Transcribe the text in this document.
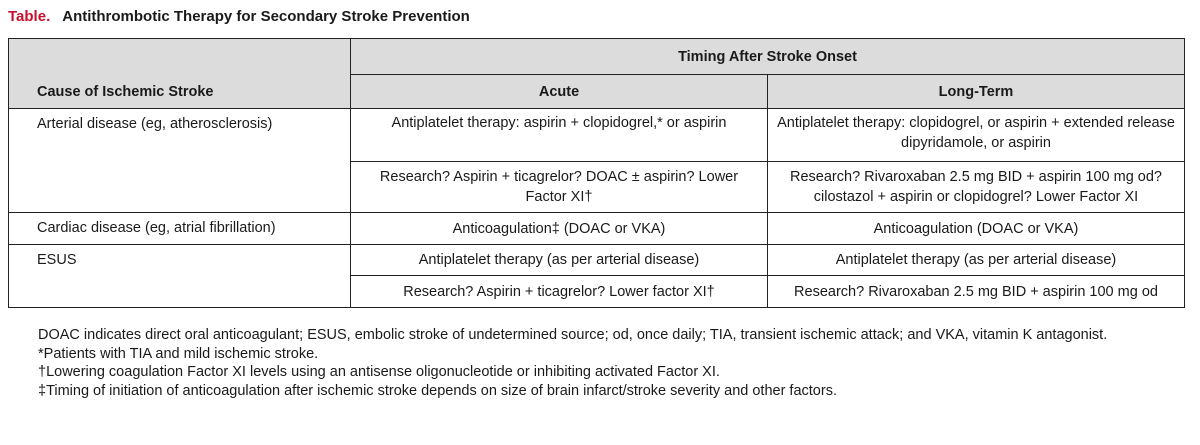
Table. Antithrombotic Therapy for Secondary Stroke Prevention
Cause of Ischemic Stroke	Timing After Stroke Onset	
	Acute	Long-Term
Arterial disease (eg, atherosclerosis)	Antiplatelet therapy: aspirin + clopidogrel,* or aspirin	Antiplatelet therapy: clopidogrel, or aspirin + extended release dipyridamole, or aspirin
	Research? Aspirin + ticagrelor? DOAC ± aspirin? Lower Factor XI†	Research? Rivaroxaban 2.5 mg BID + aspirin 100 mg od? cilostazol + aspirin or clopidogrel? Lower Factor XI
Cardiac disease (eg, atrial fibrillation)	Anticoagulation‡ (DOAC or VKA)	Anticoagulation (DOAC or VKA)
ESUS	Antiplatelet therapy (as per arterial disease)	Antiplatelet therapy (as per arterial disease)
	Research? Aspirin + ticagrelor? Lower factor XI†	Research? Rivaroxaban 2.5 mg BID + aspirin 100 mg od

DOAC indicates direct oral anticoagulant; ESUS, embolic stroke of undetermined source; od, once daily; TIA, transient ischemic attack; and VKA, vitamin K antagonist.

*Patients with TIA and mild ischemic stroke.

†Lowering coagulation Factor XI levels using an antisense oligonucleotide or inhibiting activated Factor XI.

‡Timing of initiation of anticoagulation after ischemic stroke depends on size of brain infarct/stroke severity and other factors.
